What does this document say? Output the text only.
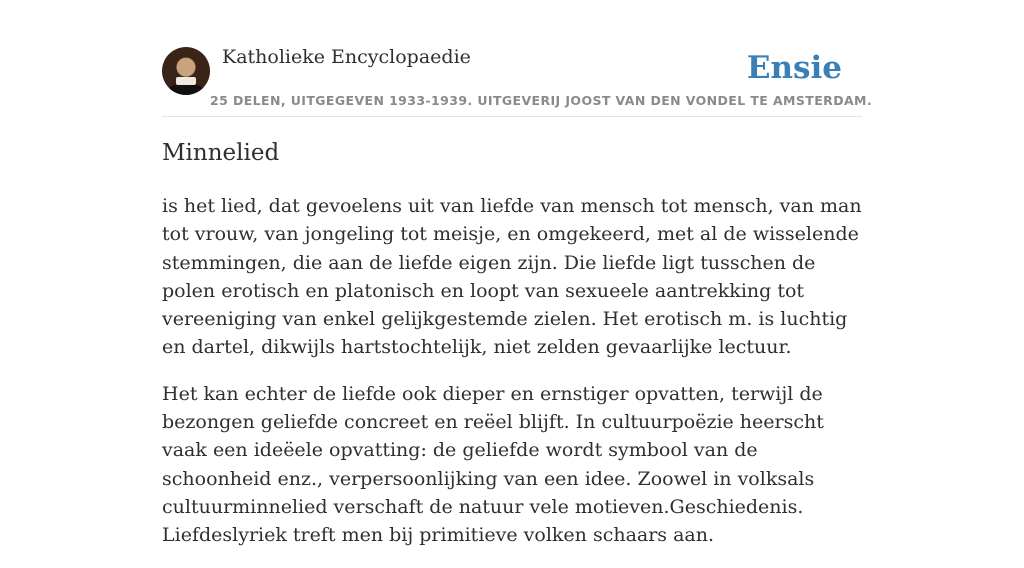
Katholieke Encyclopaedie
25 DELEN, UITGEGEVEN 1933-1939. UITGEVERIJ JOOST VAN DEN VONDEL TE AMSTERDAM.
Ensie
Minnelied

is het lied, dat gevoelens uit van liefde van mensch tot mensch, van man tot vrouw, van jongeling tot meisje, en omgekeerd, met al de wisselende stemmingen, die aan de liefde eigen zijn. Die liefde ligt tusschen de polen erotisch en platonisch en loopt van sexueele aantrekking tot vereeniging van enkel gelijkgestemde zielen. Het erotisch m. is luchtig en dartel, dikwijls hartstochtelijk, niet zelden gevaarlijke lectuur.

Het kan echter de liefde ook dieper en ernstiger opvatten, terwijl de bezongen geliefde concreet en reëel blijft. In cultuurpoëzie heerscht vaak een ideëele opvatting: de geliefde wordt symbool van de schoonheid enz., verpersoonlijking van een idee. Zoowel in volksals cultuurminnelied verschaft de natuur vele motieven.Geschiedenis. Liefdeslyriek treft men bij primitieve volken schaars aan.
